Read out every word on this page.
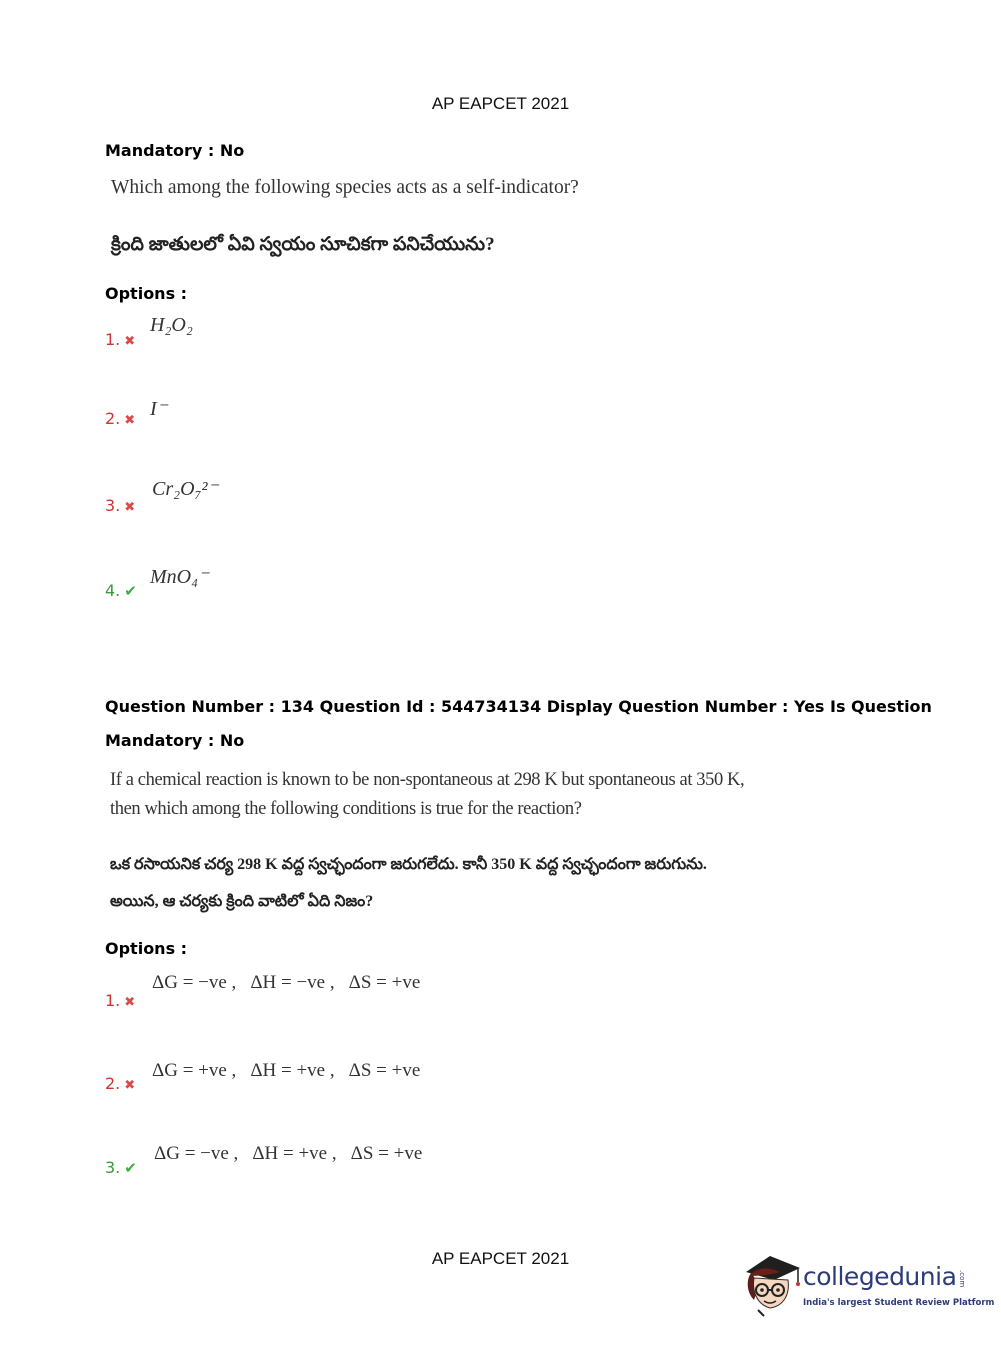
AP EAPCET 2021
Mandatory : No
Which among the following species acts as a self-indicator?
క్రింది జాతులలో ఏవి స్వయం సూచికగా పనిచేయును?
Options :
1. ✖
H₂O₂
2. ✖
I⁻
3. ✖
Cr₂O₇²⁻
4. ✔
MnO₄⁻
Question Number : 134 Question Id : 544734134 Display Question Number : Yes Is Question
Mandatory : No
If a chemical reaction is known to be non-spontaneous at 298 K but spontaneous at 350 K,
then which among the following conditions is true for the reaction?
ఒక రసాయనిక చర్య 298 K వద్ద స్వచ్ఛందంగా జరుగలేదు. కానీ 350 K వద్ద స్వచ్ఛందంగా జరుగును.
అయిన, ఆ చర్యకు క్రింది వాటిలో ఏది నిజం?
Options :
1. ✖
ΔG = −ve , ΔH = −ve , ΔS = +ve
2. ✖
ΔG = +ve , ΔH = +ve , ΔS = +ve
3. ✔
ΔG = −ve , ΔH = +ve , ΔS = +ve
AP EAPCET 2021
collegedunia
India's largest Student Review Platform
.com
